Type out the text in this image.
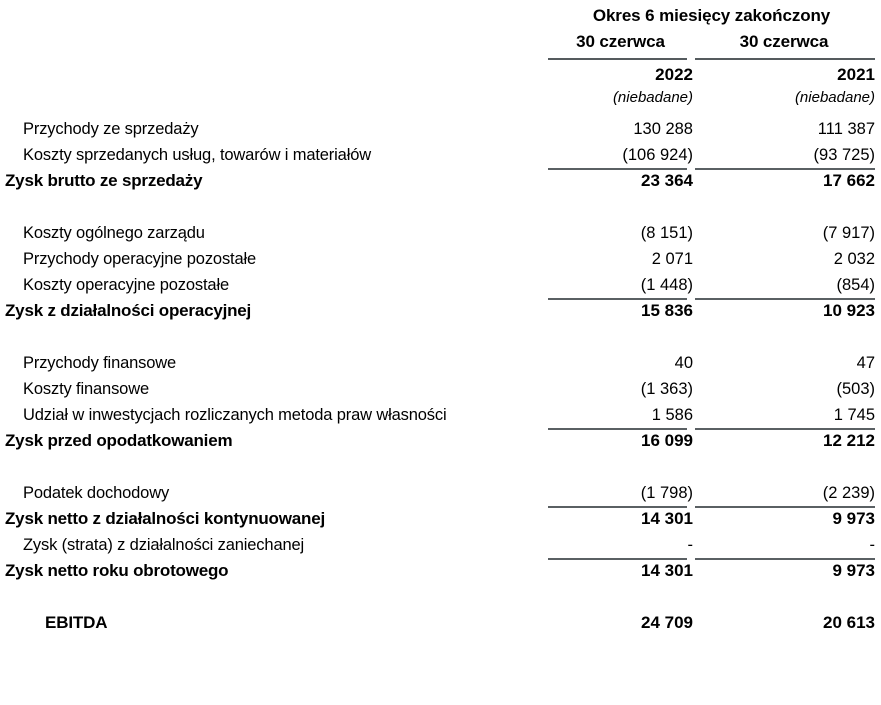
Okres 6 miesięcy zakończony
30 czerwca	30 czerwca
2022	2021
(niebadane)	(niebadane)
Przychody ze sprzedaży	130 288	111 387
Koszty sprzedanych usług, towarów i materiałów	(106 924)	(93 725)
Zysk brutto ze sprzedaży	23 364	17 662
Koszty ogólnego zarządu	(8 151)	(7 917)
Przychody operacyjne pozostałe	2 071	2 032
Koszty operacyjne pozostałe	(1 448)	(854)
Zysk z działalności operacyjnej	15 836	10 923
Przychody finansowe	40	47
Koszty finansowe	(1 363)	(503)
Udział w inwestycjach rozliczanych metoda praw własności	1 586	1 745
Zysk przed opodatkowaniem	16 099	12 212
Podatek dochodowy	(1 798)	(2 239)
Zysk netto z działalności kontynuowanej	14 301	9 973
Zysk (strata) z działalności zaniechanej	-	-
Zysk netto roku obrotowego	14 301	9 973
EBITDA	24 709	20 613
